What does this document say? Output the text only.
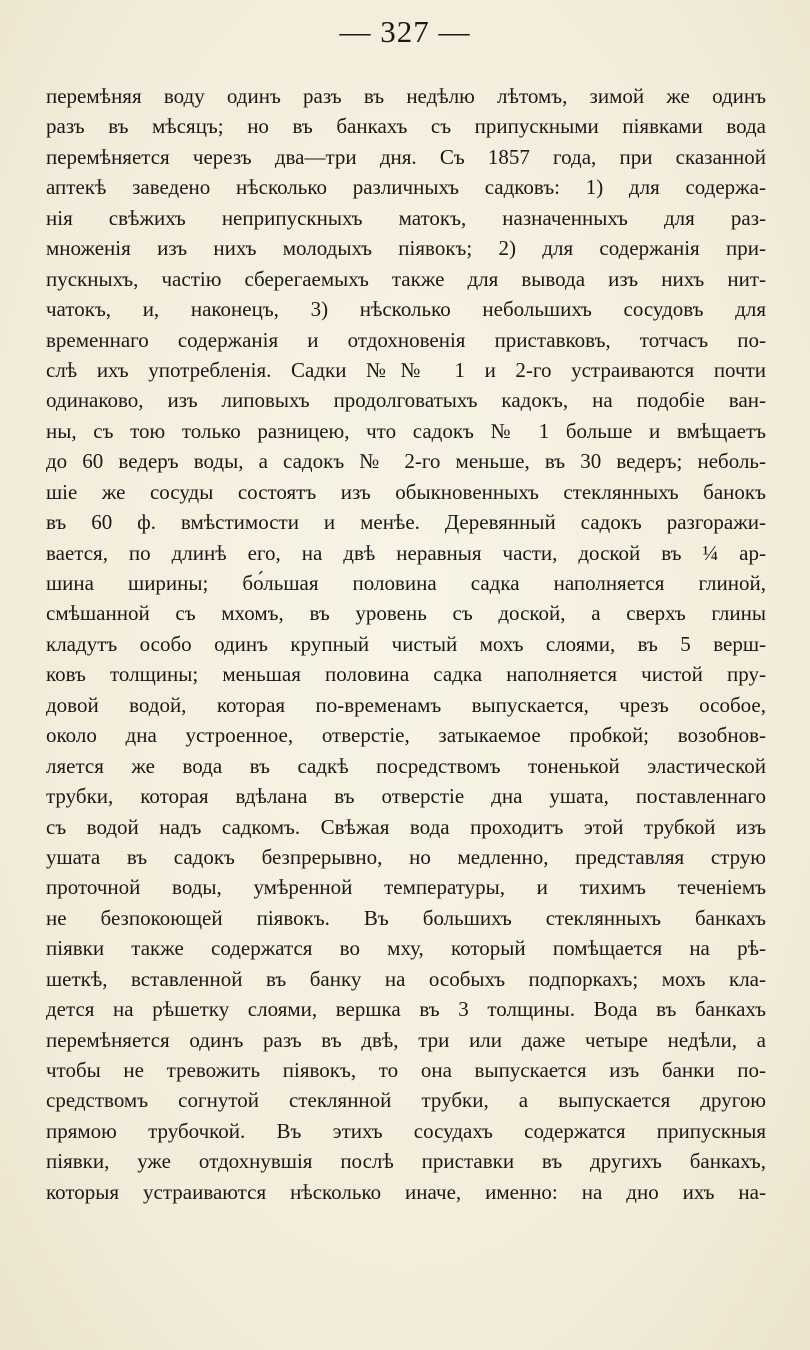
— 327 —
перемѣняя воду одинъ разъ въ недѣлю лѣтомъ, зимой же одинъ
разъ въ мѣсяцъ; но въ банкахъ съ припускными піявками вода
перемѣняется черезъ два—три дня. Съ 1857 года, при сказанной
аптекѣ заведено нѣсколько различныхъ садковъ: 1) для содержа-
нія свѣжихъ неприпускныхъ матокъ, назначенныхъ для раз-
множенія изъ нихъ молодыхъ піявокъ; 2) для содержанія при-
пускныхъ, частію сберегаемыхъ также для вывода изъ нихъ нит-
чатокъ, и, наконецъ, 3) нѣсколько небольшихъ сосудовъ для
временнаго содержанія и отдохновенія приставковъ, тотчасъ по-
слѣ ихъ употребленія. Садки №№ 1 и 2-го устраиваются почти
одинаково, изъ липовыхъ продолговатыхъ кадокъ, на подобіе ван-
ны, съ тою только разницею, что садокъ № 1 больше и вмѣщаетъ
до 60 ведеръ воды, а садокъ № 2-го меньше, въ 30 ведеръ; неболь-
шіе же сосуды состоятъ изъ обыкновенныхъ стеклянныхъ банокъ
въ 60 ф. вмѣстимости и менѣе. Деревянный садокъ разгоражи-
вается, по длинѣ его, на двѣ неравныя части, доской въ ¼ ар-
шина ширины; бо́льшая половина садка наполняется глиной,
смѣшанной съ мхомъ, въ уровень съ доской, а сверхъ глины
кладутъ особо одинъ крупный чистый мохъ слоями, въ 5 верш-
ковъ толщины; меньшая половина садка наполняется чистой пру-
довой водой, которая по-временамъ выпускается, чрезъ особое,
около дна устроенное, отверстіе, затыкаемое пробкой; возобнов-
ляется же вода въ садкѣ посредствомъ тоненькой эластической
трубки, которая вдѣлана въ отверстіе дна ушата, поставленнаго
съ водой надъ садкомъ. Свѣжая вода проходитъ этой трубкой изъ
ушата въ садокъ безпрерывно, но медленно, представляя струю
проточной воды, умѣренной температуры, и тихимъ теченіемъ
не безпокоющей піявокъ. Въ большихъ стеклянныхъ банкахъ
піявки также содержатся во мху, который помѣщается на рѣ-
шеткѣ, вставленной въ банку на особыхъ подпоркахъ; мохъ кла-
дется на рѣшетку слоями, вершка въ 3 толщины. Вода въ банкахъ
перемѣняется одинъ разъ въ двѣ, три или даже четыре недѣли, а
чтобы не тревожить піявокъ, то она выпускается изъ банки по-
средствомъ согнутой стеклянной трубки, а выпускается другою
прямою трубочкой. Въ этихъ сосудахъ содержатся припускныя
піявки, уже отдохнувшія послѣ приставки въ другихъ банкахъ,
которыя устраиваются нѣсколько иначе, именно: на дно ихъ на-
